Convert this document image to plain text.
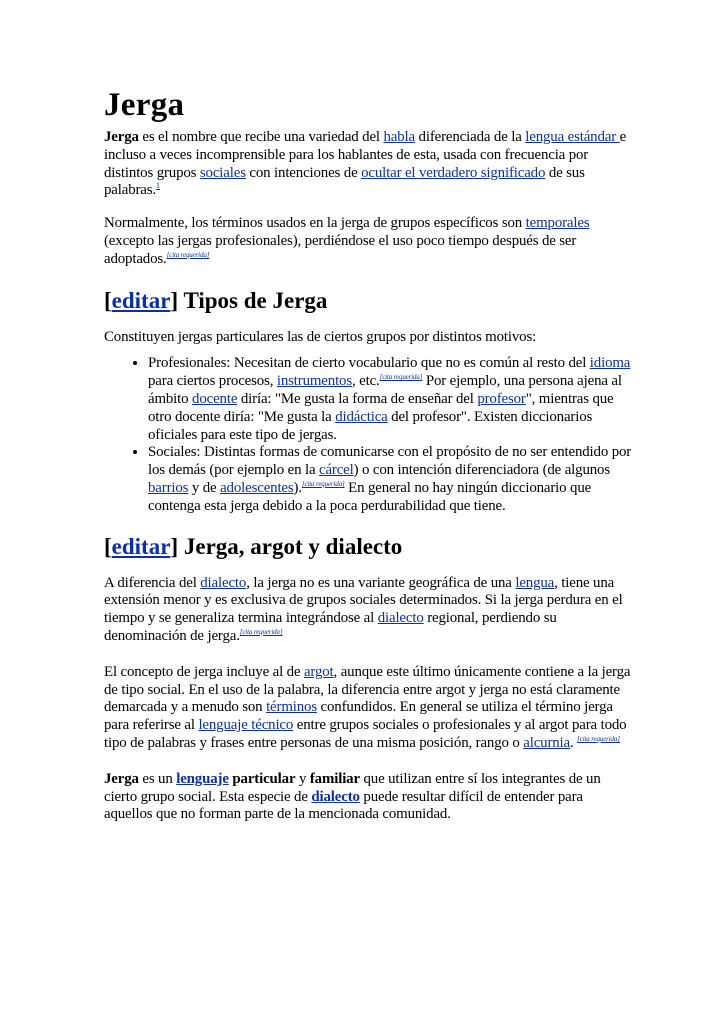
Jerga

Jerga es el nombre que recibe una variedad del habla diferenciada de la lengua estándar e incluso a veces incomprensible para los hablantes de esta, usada con frecuencia por distintos grupos sociales con intenciones de ocultar el verdadero significado de sus palabras.$^1$

Normalmente, los términos usados en la jerga de grupos específicos son temporales (excepto las jergas profesionales), perdiéndose el uso poco tiempo después de ser adoptados.[cita requerida]

[editar] Tipos de Jerga

Constituyen jergas particulares las de ciertos grupos por distintos motivos:

• Profesionales: Necesitan de cierto vocabulario que no es común al resto del idioma para ciertos procesos, instrumentos, etc.[cita requerida] Por ejemplo, una persona ajena al ámbito docente diría: "Me gusta la forma de enseñar del profesor", mientras que otro docente diría: "Me gusta la didáctica del profesor". Existen diccionarios oficiales para este tipo de jergas.
• Sociales: Distintas formas de comunicarse con el propósito de no ser entendido por los demás (por ejemplo en la cárcel) o con intención diferenciadora (de algunos barrios y de adolescentes).[cita requerida] En general no hay ningún diccionario que contenga esta jerga debido a la poca perdurabilidad que tiene.
[editar] Jerga, argot y dialecto

A diferencia del dialecto, la jerga no es una variante geográfica de una lengua, tiene una extensión menor y es exclusiva de grupos sociales determinados. Si la jerga perdura en el tiempo y se generaliza termina integrándose al dialecto regional, perdiendo su denominación de jerga.[cita requerida]

El concepto de jerga incluye al de argot, aunque este último únicamente contiene a la jerga de tipo social. En el uso de la palabra, la diferencia entre argot y jerga no está claramente demarcada y a menudo son términos confundidos. En general se utiliza el término jerga para referirse al lenguaje técnico entre grupos sociales o profesionales y al argot para todo tipo de palabras y frases entre personas de una misma posición, rango o alcurnia. [cita requerida]

Jerga es un lenguaje particular y familiar que utilizan entre sí los integrantes de un cierto grupo social. Esta especie de dialecto puede resultar difícil de entender para aquellos que no forman parte de la mencionada comunidad.
